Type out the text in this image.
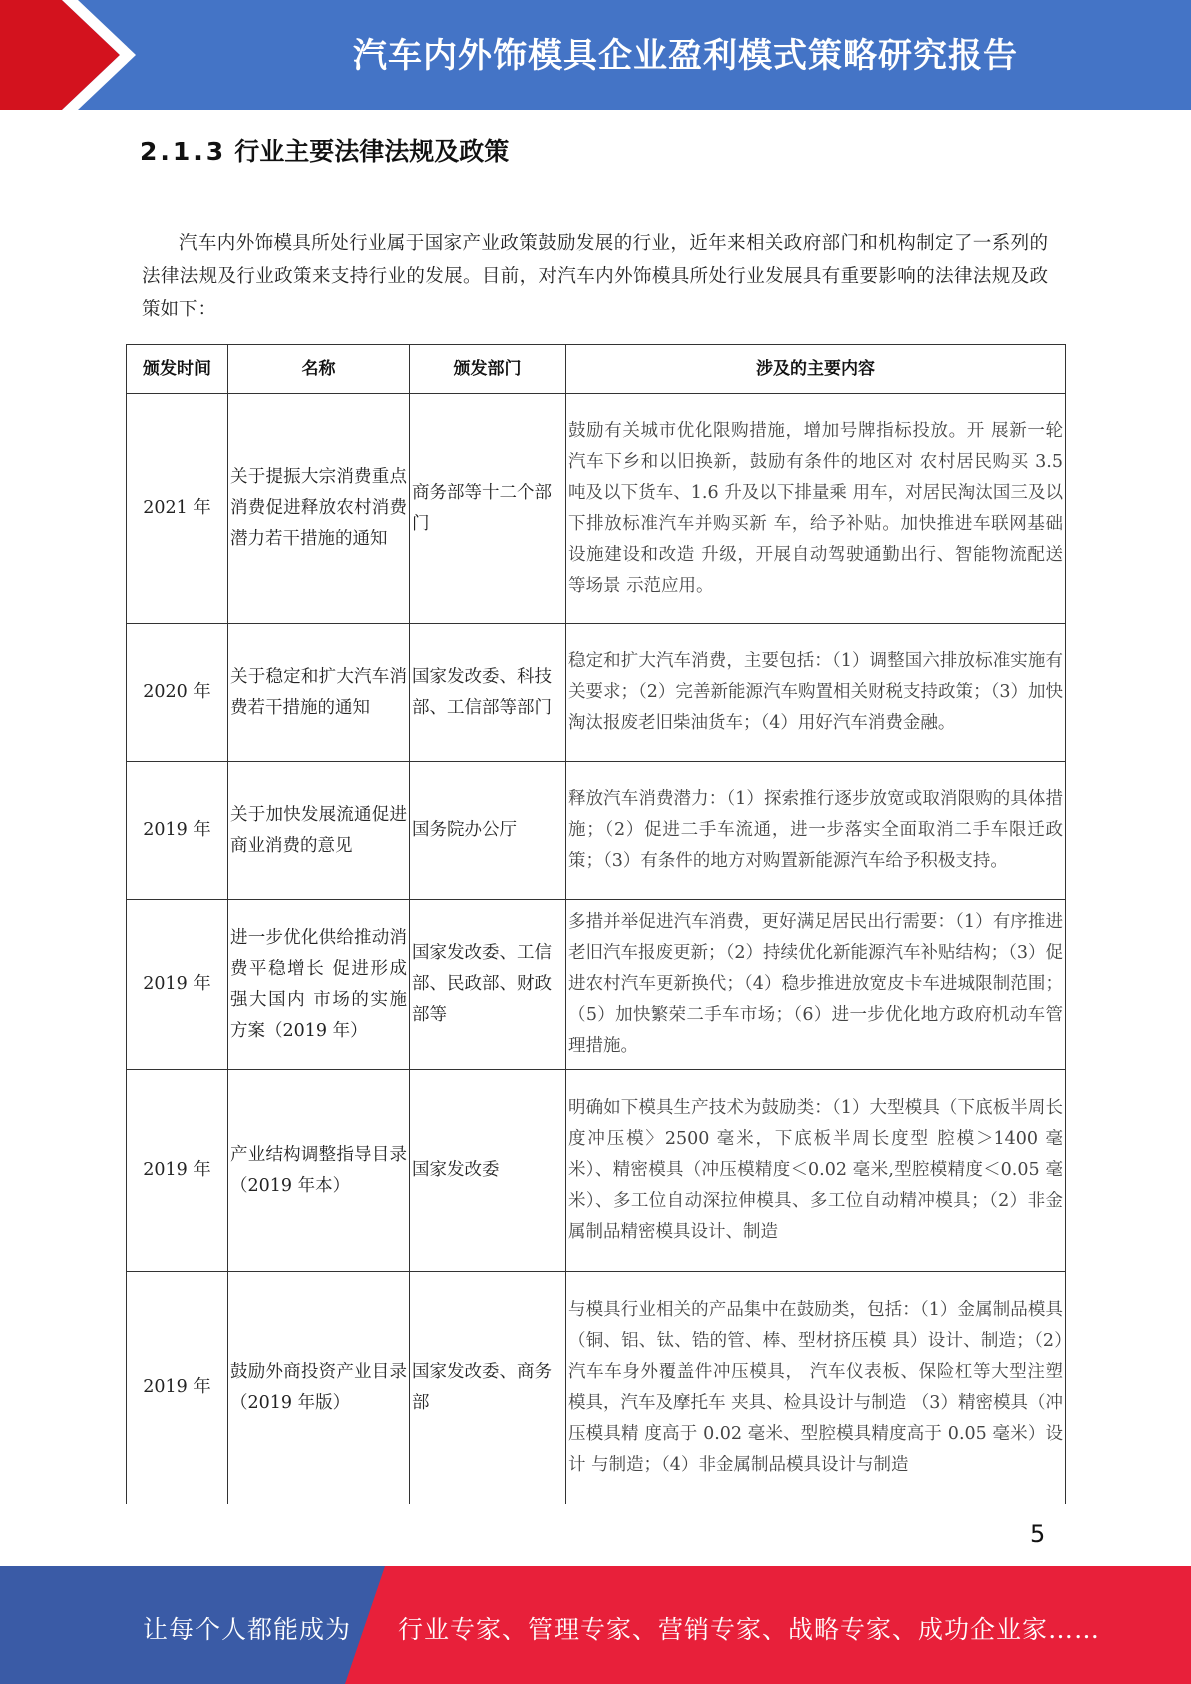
汽车内外饰模具企业盈利模式策略研究报告
2.1.3 行业主要法律法规及政策

汽车内外饰模具所处行业属于国家产业政策鼓励发展的行业，近年来相关政府部门和机构制定了一系列的法律法规及行业政策来支持行业的发展。目前，对汽车内外饰模具所处行业发展具有重要影响的法律法规及政策如下：

颁发时间	名称	颁发部门	涉及的主要内容
2021 年	关于提振大宗消费重点消费促进释放农村消费潜力若干措施的通知	商务部等十二个部门	鼓励有关城市优化限购措施，增加号牌指标投放。开 展新一轮汽车下乡和以旧换新，鼓励有条件的地区对 农村居民购买 3.5 吨及以下货车、1.6 升及以下排量乘 用车，对居民淘汰国三及以下排放标准汽车并购买新 车，给予补贴。加快推进车联网基础设施建设和改造 升级，开展自动驾驶通勤出行、智能物流配送等场景 示范应用。
2020 年	关于稳定和扩大汽车消费若干措施的通知	国家发改委、科技部、工信部等部门	稳定和扩大汽车消费，主要包括：（1）调整国六排放标准实施有关要求；（2）完善新能源汽车购置相关财税支持政策；（3）加快淘汰报废老旧柴油货车；（4）用好汽车消费金融。
2019 年	关于加快发展流通促进商业消费的意见	国务院办公厅	释放汽车消费潜力：（1）探索推行逐步放宽或取消限购的具体措施；（2）促进二手车流通，进一步落实全面取消二手车限迁政策；（3）有条件的地方对购置新能源汽车给予积极支持。
2019 年	进一步优化供给推动消费平稳增长 促进形成强大国内 市场的实施方案（2019 年）	国家发改委、工信部、民政部、财政部等	多措并举促进汽车消费，更好满足居民出行需要：（1）有序推进老旧汽车报废更新；（2）持续优化新能源汽车补贴结构；（3）促进农村汽车更新换代；（4）稳步推进放宽皮卡车进城限制范围；（5）加快繁荣二手车市场；（6）进一步优化地方政府机动车管理措施。
2019 年	产业结构调整指导目录（2019 年本）	国家发改委	明确如下模具生产技术为鼓励类：（1）大型模具（下底板半周长度冲压模〉2500 毫米，下底板半周长度型 腔模＞1400 毫米）、精密模具（冲压模精度＜0.02 毫米,型腔模精度＜0.05 毫米）、多工位自动深拉伸模具、多工位自动精冲模具；（2）非金属制品精密模具设计、制造
2019 年	鼓励外商投资产业目录（2019 年版）	国家发改委、商务部	与模具行业相关的产品集中在鼓励类，包括：（1）金属制品模具（铜、铝、钛、锆的管、棒、型材挤压模 具）设计、制造；（2）汽车车身外覆盖件冲压模具， 汽车仪表板、保险杠等大型注塑模具，汽车及摩托车 夹具、检具设计与制造 （3）精密模具（冲压模具精 度高于 0.02 毫米、型腔模具精度高于 0.05 毫米）设计 与制造；（4）非金属制品模具设计与制造
5
让每个人都能成为 行业专家、管理专家、营销专家、战略专家、成功企业家……
